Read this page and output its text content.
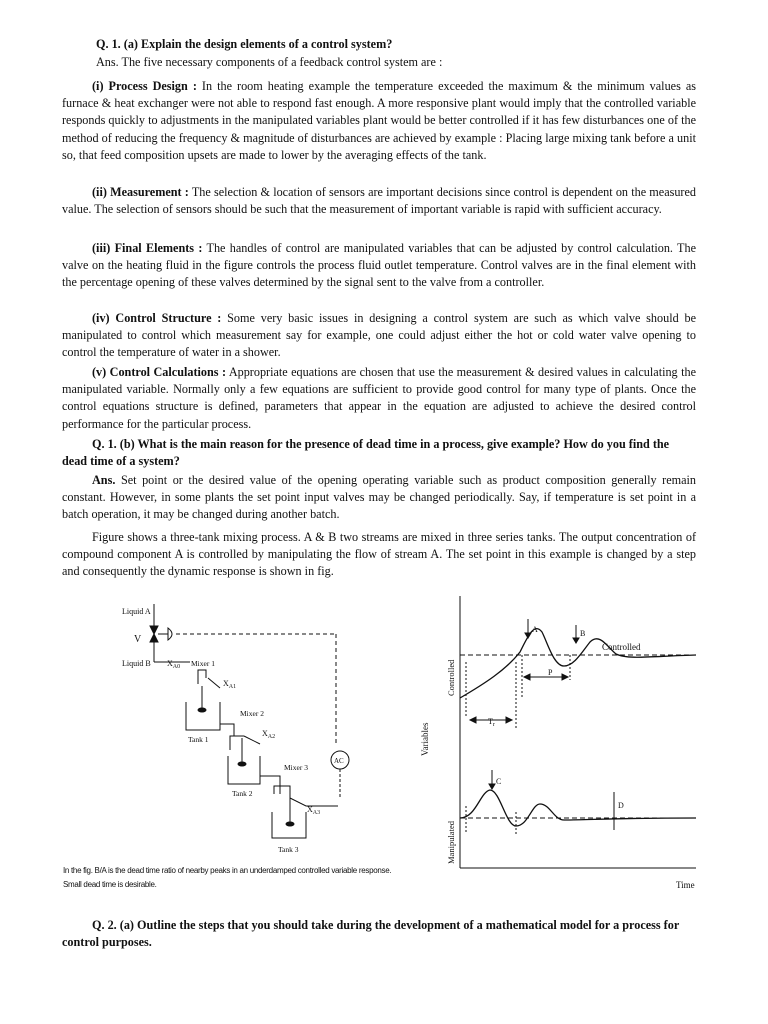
Q. 1. (a) Explain the design elements of a control system?
Ans. The five necessary components of a feedback control system are :
(i) Process Design : In the room heating example the temperature exceeded the maximum & the minimum values as furnace & heat exchanger were not able to respond fast enough. A more responsive plant would imply that the controlled variable responds quickly to adjustments in the manipulated variables plant would be better controlled if it has few disturbances one of the method of reducing the frequency & magnitude of disturbances are achieved by example : Placing large mixing tank before a unit so, that feed composition upsets are made to lower by the averaging effects of the tank.
(ii) Measurement : The selection & location of sensors are important decisions since control is dependent on the measured value. The selection of sensors should be such that the measurement of important variable is rapid with sufficient accuracy.
(iii) Final Elements : The handles of control are manipulated variables that can be adjusted by control calculation. The valve on the heating fluid in the figure controls the process fluid outlet temperature. Control valves are in the final element with the percentage opening of these valves determined by the signal sent to the valve from a controller.
(iv) Control Structure : Some very basic issues in designing a control system are such as which valve should be manipulated to control which measurement say for example, one could adjust either the hot or cold water valve opening to control the temperature of water in a shower.
(v) Control Calculations : Appropriate equations are chosen that use the measurement & desired values in calculating the manipulated variable. Normally only a few equations are sufficient to provide good control for many type of plants. Once the control equations structure is defined, parameters that appear in the equation are adjusted to achieve the desired control performance for the particular process.
Q. 1. (b) What is the main reason for the presence of dead time in a process, give example? How do you find the dead time of a system?
Ans. Set point or the desired value of the opening operating variable such as product composition generally remain constant. However, in some plants the set point input valves may be changed periodically. Say, if temperature is set point in a batch operation, it may be changed during another batch.
Figure shows a three-tank mixing process. A & B two streams are mixed in three series tanks. The output concentration of compound component A is controlled by manipulating the flow of stream A. The set point in this example is changed by a step and consequently the dynamic response is shown in fig.
Liquid A
V
Liquid B $X_{A0}$ Mixer 1
$X_{A1}$
Tank 1
Mixer 2
$X_{A2}$
Tank 2
Mixer 3
AC
$X_{A3}$
Tank 3
In the fig. B/A is the dead time ratio of nearby peaks in an underdamped controlled variable response.
Small dead time is desirable.
Variables
Controlled
Manipulated
Controlled
A	B
P
$T_r$
C
D
Time
Q. 2. (a) Outline the steps that you should take during the development of a mathematical model for a process for control purposes.
